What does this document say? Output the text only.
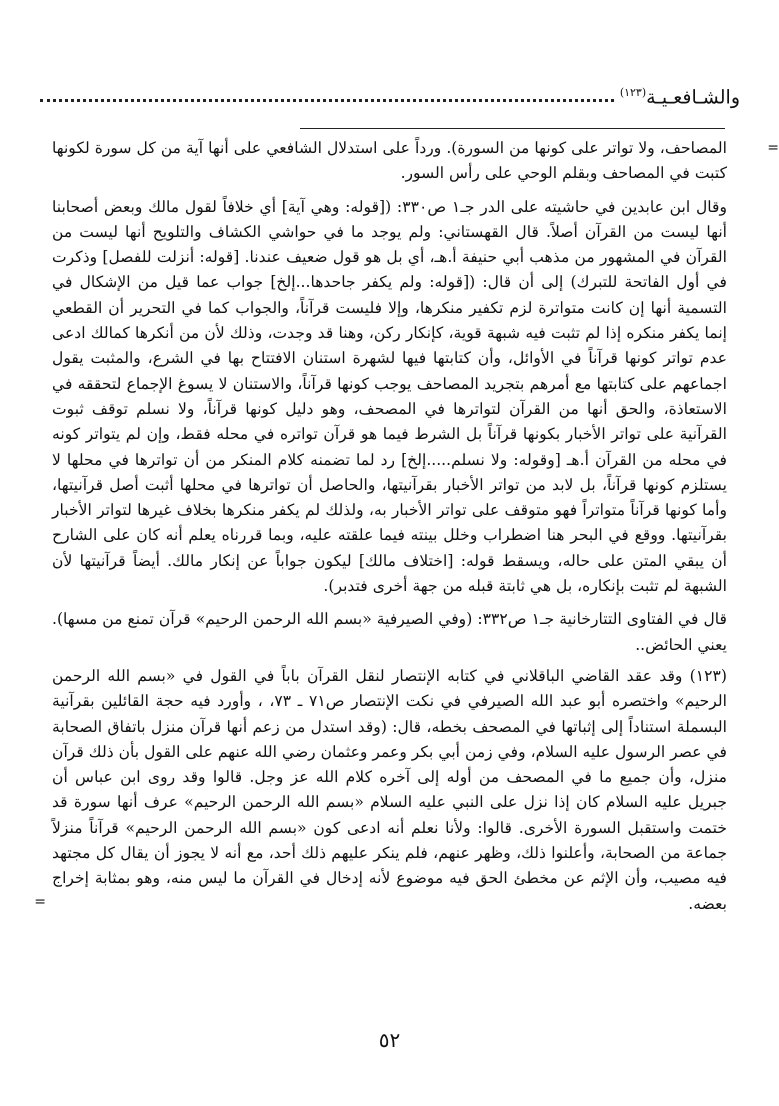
والشـافعـيـة$^{(١٢٣)}$

=
المصاحف، ولا تواتر على كونها من السورة). ورداً على استدلال الشافعي على أنها آية من كل سورة لكونها كتبت في المصاحف وبقلم الوحي على رأس السور.

وقال ابن عابدين في حاشيته على الدر جـ١ ص٣٣٠: ([قوله: وهي آية] أي خلافاً لقول مالك وبعض أصحابنا أنها ليست من القرآن أصلاً. قال القهستاني: ولم يوجد ما في حواشي الكشاف والتلويح أنها ليست من القرآن في المشهور من مذهب أبي حنيفة أ.هـ، أي بل هو قول ضعيف عندنا. [قوله: أنزلت للفصل] وذكرت في أول الفاتحة للتبرك) إلى أن قال: ([قوله: ولم يكفر جاحدها...إلخ] جواب عما قيل من الإشكال في التسمية أنها إن كانت متواترة لزم تكفير منكرها، وإلا فليست قرآناً، والجواب كما في التحرير أن القطعي إنما يكفر منكره إذا لم تثبت فيه شبهة قوية، كإنكار ركن، وهنا قد وجدت، وذلك لأن من أنكرها كمالك ادعى عدم تواتر كونها قرآناً في الأوائل، وأن كتابتها فيها لشهرة استنان الافتتاح بها في الشرع، والمثبت يقول اجماعهم على كتابتها مع أمرهم بتجريد المصاحف يوجب كونها قرآناً، والاستنان لا يسوغ الإجماع لتحققه في الاستعاذة، والحق أنها من القرآن لتواترها في المصحف، وهو دليل كونها قرآناً، ولا نسلم توقف ثبوت القرآنية على تواتر الأخبار بكونها قرآناً بل الشرط فيما هو قرآن تواتره في محله فقط، وإن لم يتواتر كونه في محله من القرآن أ.هـ [وقوله: ولا نسلم.....إلخ] رد لما تضمنه كلام المنكر من أن تواترها في محلها لا يستلزم كونها قرآناً، بل لابد من تواتر الأخبار بقرآنيتها، والحاصل أن تواترها في محلها أثبت أصل قرآنيتها، وأما كونها قرآناً متواتراً فهو متوقف على تواتر الأخبار به، ولذلك لم يكفر منكرها بخلاف غيرها لتواتر الأخبار بقرآنيتها. ووقع في البحر هنا اضطراب وخلل بينته فيما علقته عليه، وبما قررناه يعلم أنه كان على الشارح أن يبقي المتن على حاله، ويسقط قوله: [اختلاف مالك] ليكون جواباً عن إنكار مالك. أيضاً قرآنيتها لأن الشبهة لم تثبت بإنكاره، بل هي ثابتة قبله من جهة أخرى فتدبر).

قال في الفتاوى التتارخانية جـ١ ص٣٣٢: (وفي الصيرفية «بسم الله الرحمن الرحيم» قرآن تمنع من مسها). يعني الحائض..

(١٢٣) وقد عقد القاضي الباقلاني في كتابه الإنتصار لنقل القرآن باباً في القول في «بسم الله الرحمن الرحيم» واختصره أبو عبد الله الصيرفي في نكت الإنتصار ص٧١ ـ ٧٣، ، وأورد فيه حجة القائلين بقرآنية البسملة استناداً إلى إثباتها في المصحف بخطه، قال: (وقد استدل من زعم أنها قرآن منزل باتفاق الصحابة في عصر الرسول عليه السلام، وفي زمن أبي بكر وعمر وعثمان رضي الله عنهم على القول بأن ذلك قرآن منزل، وأن جميع ما في المصحف من أوله إلى آخره كلام الله عز وجل. قالوا وقد روى ابن عباس أن جبريل عليه السلام كان إذا نزل على النبي عليه السلام «بسم الله الرحمن الرحيم» عرف أنها سورة قد ختمت واستقبل السورة الأخرى. قالوا: ولأنا نعلم أنه ادعى كون «بسم الله الرحمن الرحيم» قرآناً منزلاً جماعة من الصحابة، وأعلنوا ذلك، وظهر عنهم، فلم ينكر عليهم ذلك أحد، مع أنه لا يجوز أن يقال كل مجتهد فيه مصيب، وأن الإثم عن مخطئ الحق فيه موضوع لأنه إدخال في القرآن ما ليس منه، وهو بمثابة إخراج بعضه.
=

٥٢
